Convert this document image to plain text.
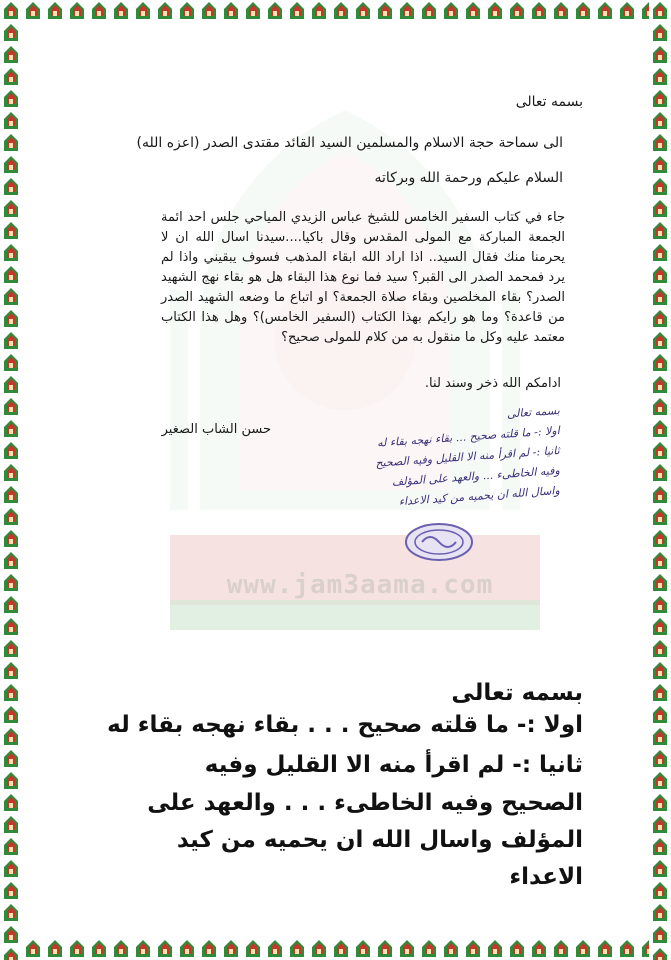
www.jam3aama.com
بسمه تعالى
الى سماحة حجة الاسلام والمسلمين السيد القائد مقتدى الصدر (اعزه الله)
السلام عليكم ورحمة الله وبركاته
جاء في كتاب السفير الخامس للشيخ عباس الزيدي المياحي جلس احد ائمة الجمعة المباركة مع المولى المقدس وقال باكيا....سيدنا اسال الله ان لا يحرمنا منك فقال السيد.. اذا اراد الله ابقاء المذهب فسوف يبقيني واذا لم يرد فمحمد الصدر الى القبر؟ سيد فما نوع هذا البقاء هل هو بقاء نهج الشهيد الصدر؟ بقاء المخلصين وبقاء صلاة الجمعة؟ او اتباع ما وضعه الشهيد الصدر من قاعدة؟ وما هو رايكم بهذا الكتاب (السفير الخامس)؟ وهل هذا الكتاب معتمد عليه وكل ما منقول به من كلام للمولى صحيح؟
ادامكم الله ذخر وسند لنا.
حسن الشاب الصغير
بسمه تعالى
اولا :- ما قلته صحيح ... بقاء نهجه بقاء له
ثانيا :- لم اقرأ منه الا القليل وفيه الصحيح
وفيه الخاطىء ... والعهد على المؤلف
واسال الله ان يحميه من كيد الاعداء
بسمه تعالى
اولا :- ما قلته صحيح . . . بقاء نهجه بقاء له
ثانيا :- لم اقرأ منه الا القليل وفيه
الصحيح وفيه الخاطىء . . . والعهد على
المؤلف واسال الله ان يحميه من كيد
الاعداء
